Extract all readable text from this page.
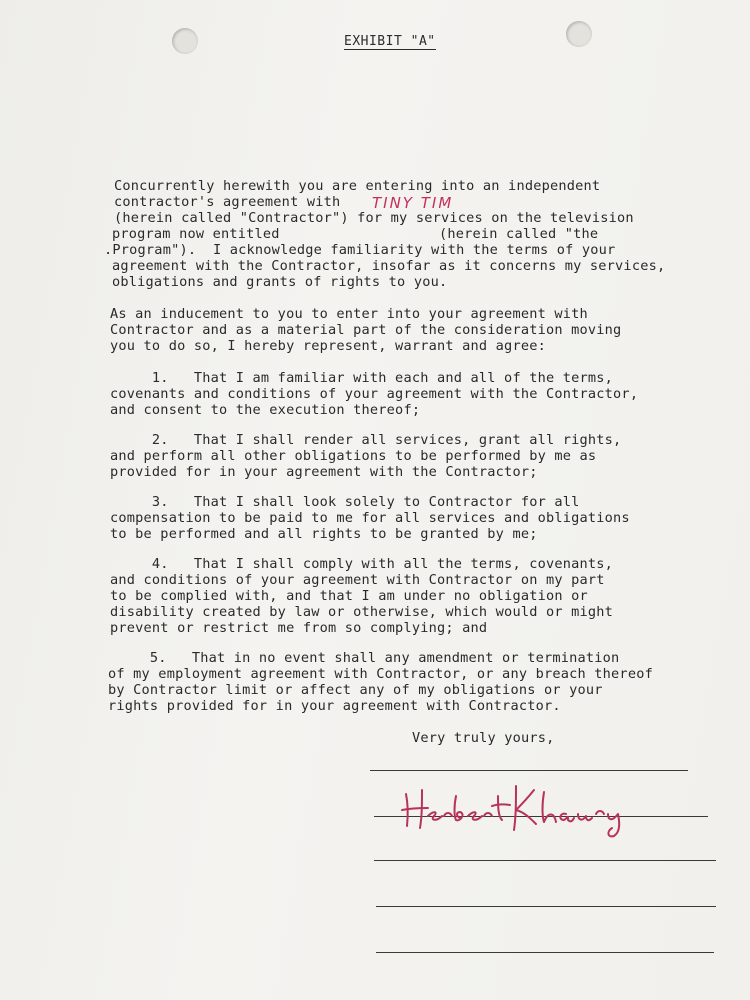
EXHIBIT "A"
Concurrently herewith you are entering into an independent
contractor's agreement with TINY TIM
(herein called "Contractor") for my services on the television
program now entitled                   (herein called "the
.Program").  I acknowledge familiarity with the terms of your
agreement with the Contractor, insofar as it concerns my services,
obligations and grants of rights to you.
As an inducement to you to enter into your agreement with
Contractor and as a material part of the consideration moving
you to do so, I hereby represent, warrant and agree:
1.   That I am familiar with each and all of the terms,
covenants and conditions of your agreement with the Contractor,
and consent to the execution thereof;
2.   That I shall render all services, grant all rights,
and perform all other obligations to be performed by me as
provided for in your agreement with the Contractor;
3.   That I shall look solely to Contractor for all
compensation to be paid to me for all services and obligations
to be performed and all rights to be granted by me;
4.   That I shall comply with all the terms, covenants,
and conditions of your agreement with Contractor on my part
to be complied with, and that I am under no obligation or
disability created by law or otherwise, which would or might
prevent or restrict me from so complying; and
5.   That in no event shall any amendment or termination
of my employment agreement with Contractor, or any breach thereof
by Contractor limit or affect any of my obligations or your
rights provided for in your agreement with Contractor.
Very truly yours,
